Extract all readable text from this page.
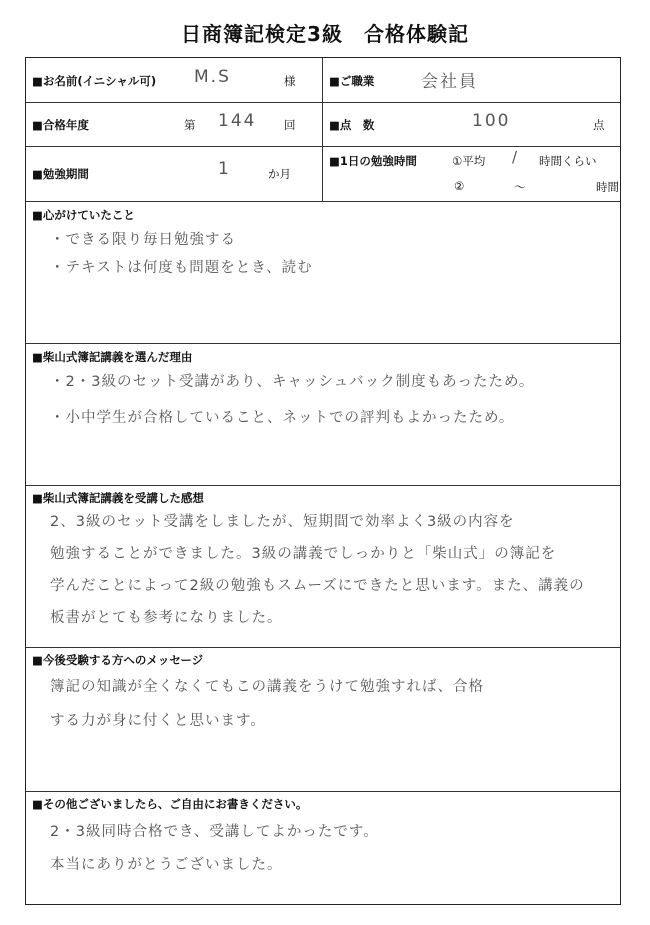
日商簿記検定3級　合格体験記
■お名前(イニシャル可) M.S	様	■ご職業	会社員
■合格年度	第 144 回	■点　数	100	点
■勉強期間	1	か月
■1日の勉強時間	①平均 / 時間くらい
②	～	時間
■心がけていたこと
・できる限り毎日勉強する
・テキストは何度も問題をとき、読む
■柴山式簿記講義を選んだ理由
・2・3級のセット受講があり、キャッシュバック制度もあったため。
・小中学生が合格していること、ネットでの評判もよかったため。
■柴山式簿記講義を受講した感想
2、3級のセット受講をしましたが、短期間で効率よく3級の内容を
勉強することができました。3級の講義でしっかりと「柴山式」の簿記を
学んだことによって2級の勉強もスムーズにできたと思います。また、講義の
板書がとても参考になりました。
■今後受験する方へのメッセージ
簿記の知識が全くなくてもこの講義をうけて勉強すれば、合格
する力が身に付くと思います。
■その他ございましたら、ご自由にお書きください。
2・3級同時合格でき、受講してよかったです。
本当にありがとうございました。
